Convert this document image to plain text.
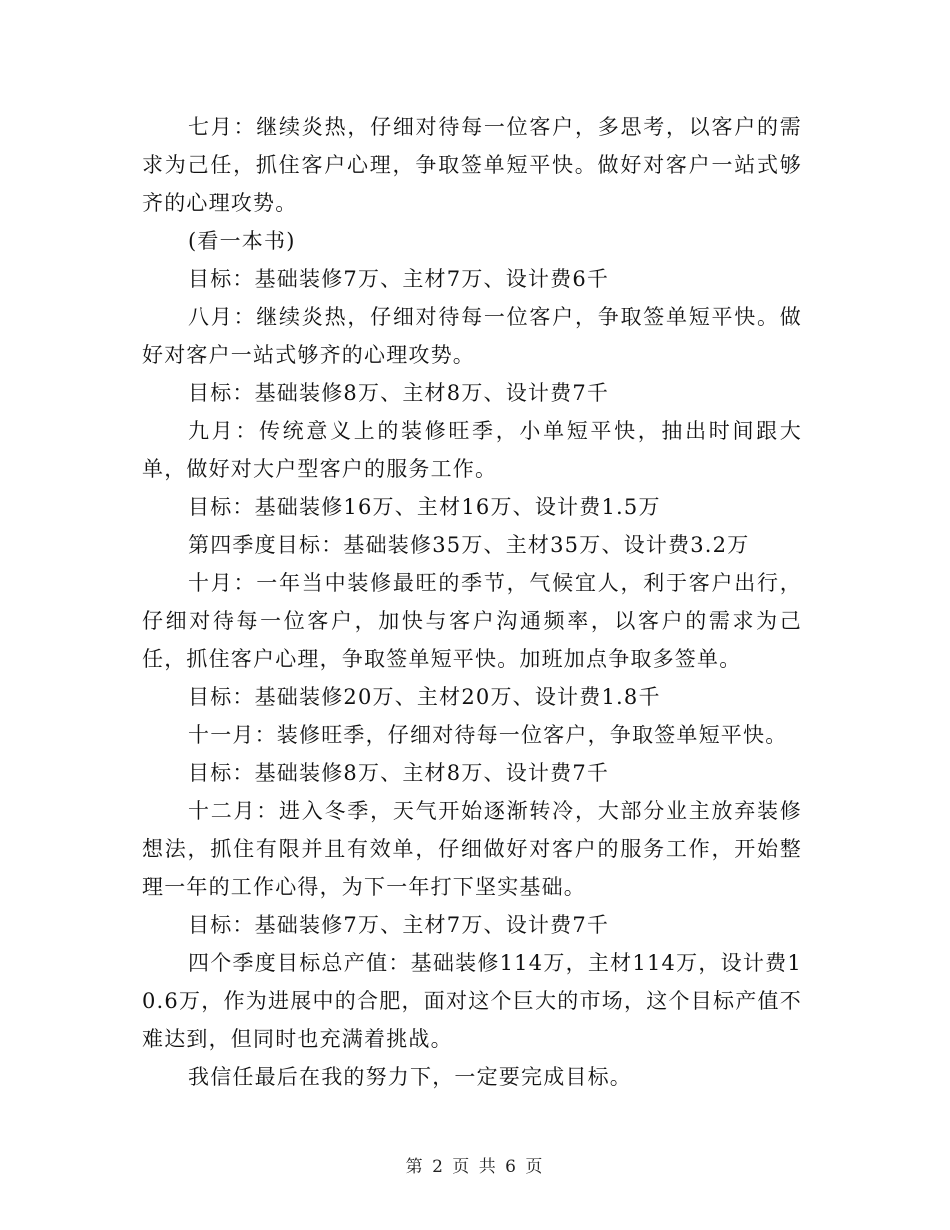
七月：继续炎热，仔细对待每一位客户，多思考，以客户的需求为己任，抓住客户心理，争取签单短平快。做好对客户一站式够齐的心理攻势。

(看一本书)

目标：基础装修7万、主材7万、设计费6千

八月：继续炎热，仔细对待每一位客户，争取签单短平快。做好对客户一站式够齐的心理攻势。

目标：基础装修8万、主材8万、设计费7千

九月：传统意义上的装修旺季，小单短平快，抽出时间跟大单，做好对大户型客户的服务工作。

目标：基础装修16万、主材16万、设计费1.5万

第四季度目标：基础装修35万、主材35万、设计费3.2万

十月：一年当中装修最旺的季节，气候宜人，利于客户出行，仔细对待每一位客户，加快与客户沟通频率，以客户的需求为己任，抓住客户心理，争取签单短平快。加班加点争取多签单。

目标：基础装修20万、主材20万、设计费1.8千

十一月：装修旺季，仔细对待每一位客户，争取签单短平快。

目标：基础装修8万、主材8万、设计费7千

十二月：进入冬季，天气开始逐渐转冷，大部分业主放弃装修想法，抓住有限并且有效单，仔细做好对客户的服务工作，开始整理一年的工作心得，为下一年打下坚实基础。

目标：基础装修7万、主材7万、设计费7千

四个季度目标总产值：基础装修114万，主材114万，设计费10.6万，作为进展中的合肥，面对这个巨大的市场，这个目标产值不难达到，但同时也充满着挑战。

我信任最后在我的努力下，一定要完成目标。

第 2 页 共 6 页
